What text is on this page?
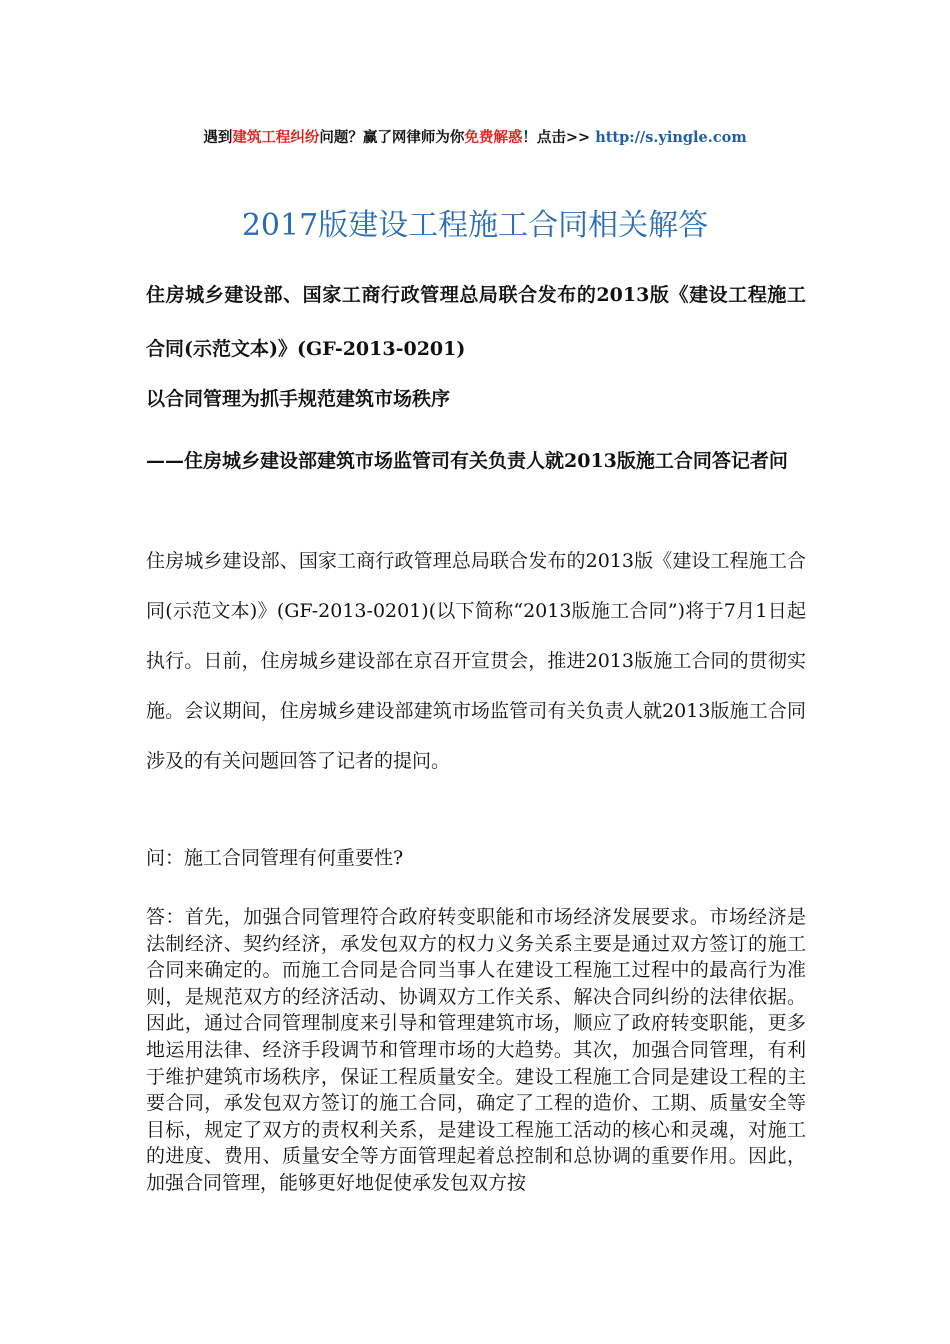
遇到建筑工程纠纷问题？赢了网律师为你免费解惑！点击>> http://s.yingle.com
2017版建设工程施工合同相关解答
住房城乡建设部、国家工商行政管理总局联合发布的2013版《建设工程施工合同(示范文本)》(GF-2013-0201)
以合同管理为抓手规范建筑市场秩序
——住房城乡建设部建筑市场监管司有关负责人就2013版施工合同答记者问
住房城乡建设部、国家工商行政管理总局联合发布的2013版《建设工程施工合同(示范文本)》(GF-2013-0201)(以下简称“2013版施工合同”)将于7月1日起执行。日前，住房城乡建设部在京召开宣贯会，推进2013版施工合同的贯彻实施。会议期间，住房城乡建设部建筑市场监管司有关负责人就2013版施工合同涉及的有关问题回答了记者的提问。
问：施工合同管理有何重要性?
答：首先，加强合同管理符合政府转变职能和市场经济发展要求。市场经济是法制经济、契约经济，承发包双方的权力义务关系主要是通过双方签订的施工合同来确定的。而施工合同是合同当事人在建设工程施工过程中的最高行为准则，是规范双方的经济活动、协调双方工作关系、解决合同纠纷的法律依据。因此，通过合同管理制度来引导和管理建筑市场，顺应了政府转变职能，更多地运用法律、经济手段调节和管理市场的大趋势。其次，加强合同管理，有利于维护建筑市场秩序，保证工程质量安全。建设工程施工合同是建设工程的主要合同，承发包双方签订的施工合同，确定了工程的造价、工期、质量安全等目标，规定了双方的责权利关系，是建设工程施工活动的核心和灵魂，对施工的进度、费用、质量安全等方面管理起着总控制和总协调的重要作用。因此，加强合同管理，能够更好地促使承发包双方按
